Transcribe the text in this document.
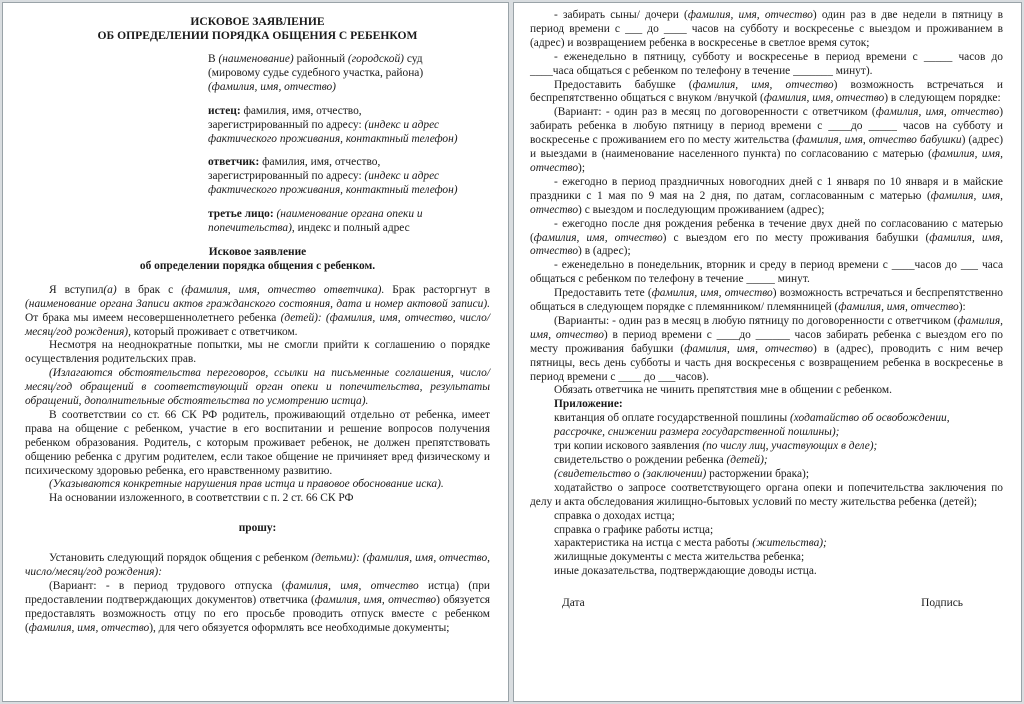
ИСКОВОЕ ЗАЯВЛЕНИЕ

ОБ ОПРЕДЕЛЕНИИ ПОРЯДКА ОБЩЕНИЯ С РЕБЕНКОМ

В (наименование) районный (городской) суд

(мировому судье судебного участка, района)

(фамилия, имя, отчество)

истец: фамилия, имя, отчество,

зарегистрированный по адресу: (индекс и адрес

фактического проживания, контактный телефон)

ответчик: фамилия, имя, отчество,

зарегистрированный по адресу: (индекс и адрес

фактического проживания, контактный телефон)

третье лицо: (наименование органа опеки и

попечительства), индекс и полный адрес

Исковое заявление

об определении порядка общения с ребенком.

Я вступил(а) в брак с (фамилия, имя, отчество ответчика). Брак расторгнут в (наименование органа Записи актов гражданского состояния, дата и номер актовой записи). От брака мы имеем несовершеннолетнего ребенка (детей): (фамилия, имя, отчество, число/месяц/год рождения), который проживает с ответчиком.

Несмотря на неоднократные попытки, мы не смогли прийти к соглашению о порядке осуществления родительских прав.

(Излагаются обстоятельства переговоров, ссылки на письменные соглашения, число/месяц/год обращений в соответствующий орган опеки и попечительства, результаты обращений, дополнительные обстоятельства по усмотрению истца).

В соответствии со ст. 66 СК РФ родитель, проживающий отдельно от ребенка, имеет права на общение с ребенком, участие в его воспитании и решение вопросов получения ребенком образования. Родитель, с которым проживает ребенок, не должен препятствовать общению ребенка с другим родителем, если такое общение не причиняет вред физическому и психическому здоровью ребенка, его нравственному развитию.

(Указываются конкретные нарушения прав истца и правовое обоснование иска).

На основании изложенного, в соответствии с п. 2 ст. 66 СК РФ

прошу:

Установить следующий порядок общения с ребенком (детьми): (фамилия, имя, отчество, число/месяц/год рождения):

(Вариант: - в период трудового отпуска (фамилия, имя, отчество истца) (при предоставлении подтверждающих документов) ответчика (фамилия, имя, отчество) обязуется предоставлять возможность отцу по его просьбе проводить отпуск вместе с ребенком (фамилия, имя, отчество), для чего обязуется оформлять все необходимые документы;

- забирать сыны/ дочери (фамилия, имя, отчество) один раз в две недели в пятницу в период времени с ___ до ____ часов на субботу и воскресенье с выездом и проживанием в (адрес) и возвращением ребенка в воскресенье в светлое время суток;

- еженедельно в пятницу, субботу и воскресенье в период времени с _____ часов до ____часа общаться с ребенком по телефону в течение _______ минут).

Предоставить бабушке (фамилия, имя, отчество) возможность встречаться и беспрепятственно общаться с внуком /внучкой (фамилия, имя, отчество) в следующем порядке:

(Вариант: - один раз в месяц по договоренности с ответчиком (фамилия, имя, отчество) забирать ребенка в любую пятницу в период времени с ____до _____ часов на субботу и воскресенье с проживанием его по месту жительства (фамилия, имя, отчество бабушки) (адрес) и выездами в (наименование населенного пункта) по согласованию с матерью (фамилия, имя, отчество);

- ежегодно в период праздничных новогодних дней с 1 января по 10 января и в майские праздники с 1 мая по 9 мая на 2 дня, по датам, согласованным с матерью (фамилия, имя, отчество) с выездом и последующим проживанием (адрес);

- ежегодно после дня рождения ребенка в течение двух дней по согласованию с матерью (фамилия, имя, отчество) с выездом его по месту проживания бабушки (фамилия, имя, отчество) в (адрес);

- еженедельно в понедельник, вторник и среду в период времени с ____часов до ___ часа общаться с ребенком по телефону в течение _____ минут.

Предоставить тете (фамилия, имя, отчество) возможность встречаться и беспрепятственно общаться в следующем порядке с племянником/ племянницей (фамилия, имя, отчество):

(Варианты: - один раз в месяц в любую пятницу по договоренности с ответчиком (фамилия, имя, отчество) в период времени с ____до ______ часов забирать ребенка с выездом его по месту проживания бабушки (фамилия, имя, отчество) в (адрес), проводить с ним вечер пятницы, весь день субботы и часть дня воскресенья с возвращением ребенка в воскресенье в период времени с ____ до ___часов).

Обязать ответчика не чинить препятствия мне в общении с ребенком.

Приложение:

квитанция об оплате государственной пошлины (ходатайство об освобождении, рассрочке, снижении размера государственной пошлины);

три копии искового заявления (по числу лиц, участвующих в деле);

свидетельство о рождении ребенка (детей);

(свидетельство о (заключении) расторжении брака);

ходатайство о запросе соответствующего органа опеки и попечительства заключения по делу и акта обследования жилищно-бытовых условий по месту жительства ребенка (детей);

справка о доходах истца;

справка о графике работы истца;

характеристика на истца с места работы (жительства);

жилищные документы с места жительства ребенка;

иные доказательства, подтверждающие доводы истца.

Дата	Подпись
